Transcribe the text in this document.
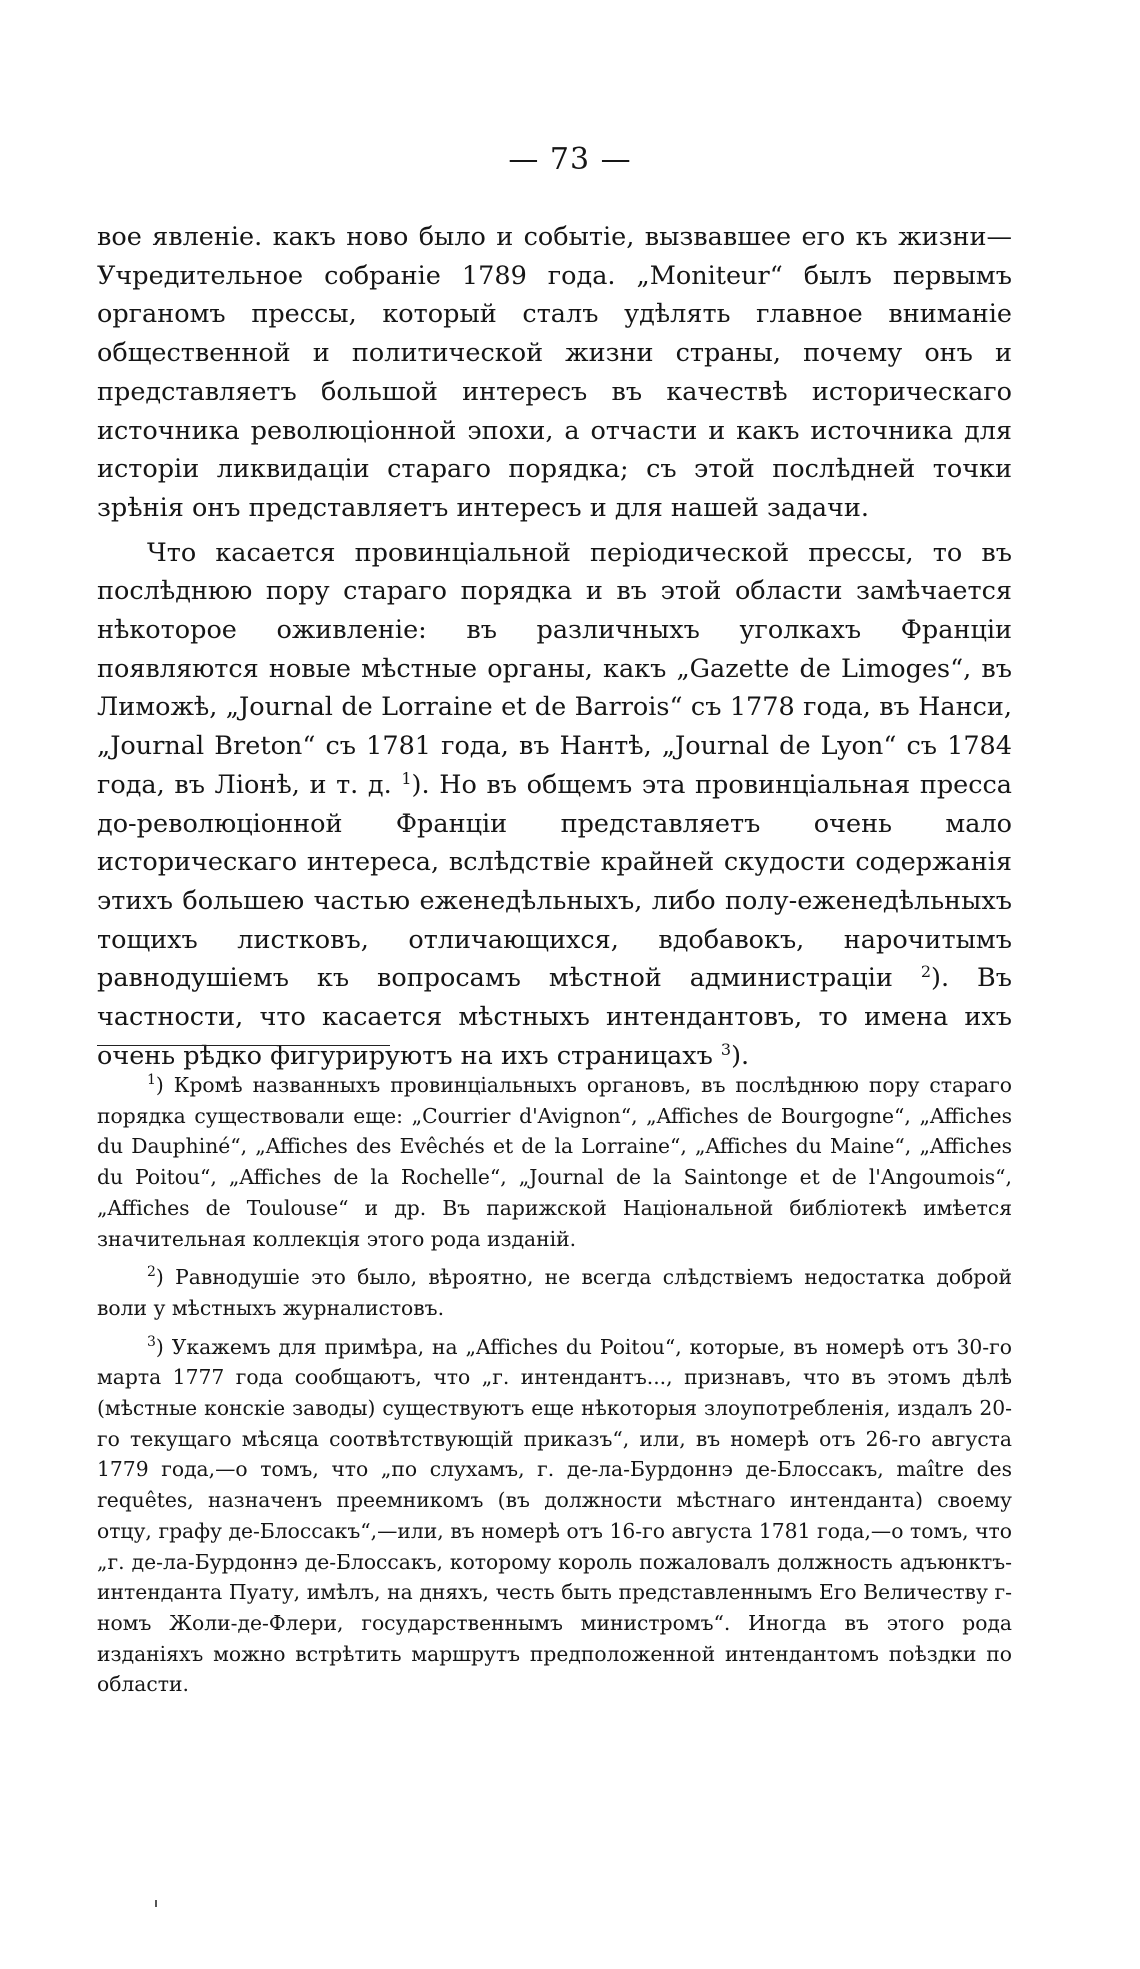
— 73 —

вое явленіе. какъ ново было и событіе, вызвавшее его къ жизни— Учредительное собраніе 1789 года. „Moniteur“ былъ первымъ органомъ прессы, который сталъ удѣлять главное вниманіе общественной и политической жизни страны, почему онъ и представляетъ большой интересъ въ качествѣ историческаго источника революціонной эпохи, а отчасти и какъ источника для исторіи ликвидаціи стараго порядка; съ этой послѣдней точки зрѣнія онъ представляетъ интересъ и для нашей задачи.

Что касается провинціальной періодической прессы, то въ послѣднюю пору стараго порядка и въ этой области замѣчается нѣкоторое оживленіе: въ различныхъ уголкахъ Франціи появляются новые мѣстные органы, какъ „Gazette de Limoges“, въ Лиможѣ, „Journal de Lorraine et de Barrois“ съ 1778 года, въ Нанси, „Journal Breton“ съ 1781 года, въ Нантѣ, „Journal de Lyon“ съ 1784 года, въ Ліонѣ, и т. д. $^1$). Но въ общемъ эта провинціальная пресса до-революціонной Франціи представляетъ очень мало историческаго интереса, вслѣдствіе крайней скудости содержанія этихъ большею частью еженедѣльныхъ, либо полу-еженедѣльныхъ тощихъ листковъ, отличающихся, вдобавокъ, нарочитымъ равнодушіемъ къ вопросамъ мѣстной администраціи $^2$). Въ частности, что касается мѣстныхъ интендантовъ, то имена ихъ очень рѣдко фигурируютъ на ихъ страницахъ $^3$).

$^1$) Кромѣ названныхъ провинціальныхъ органовъ, въ послѣднюю пору стараго порядка существовали еще: „Courrier d'Avignon“, „Affiches de Bourgogne“, „Affiches du Dauphiné“, „Affiches des Evêchés et de la Lorraine“, „Affiches du Maine“, „Affiches du Poitou“, „Affiches de la Rochelle“, „Journal de la Saintonge et de l'Angoumois“, „Affiches de Toulouse“ и др. Въ парижской Національной библіотекѣ имѣется значительная коллекція этого рода изданій.

$^2$) Равнодушіе это было, вѣроятно, не всегда слѣдствіемъ недостатка доброй воли у мѣстныхъ журналистовъ.

$^3$) Укажемъ для примѣра, на „Affiches du Poitou“, которые, въ номерѣ отъ 30-го марта 1777 года сообщаютъ, что „г. интендантъ..., признавъ, что въ этомъ дѣлѣ (мѣстные конскіе заводы) существуютъ еще нѣкоторыя злоупотребленія, издалъ 20-го текущаго мѣсяца соотвѣтствующій приказъ“, или, въ номерѣ отъ 26-го августа 1779 года,—о томъ, что „по слухамъ, г. де-ла-Бурдоннэ де-Блоссакъ, maître des requêtes, назначенъ преемникомъ (въ должности мѣстнаго интенданта) своему отцу, графу де-Блоссакъ“,—или, въ номерѣ отъ 16-го августа 1781 года,—о томъ, что „г. де-ла-Бурдоннэ де-Блоссакъ, которому король пожаловалъ должность адъюнктъ-интенданта Пуату, имѣлъ, на дняхъ, честь быть представленнымъ Его Величеству г-номъ Жоли-де-Флери, государственнымъ министромъ“. Иногда въ этого рода изданіяхъ можно встрѣтить маршрутъ предположенной интендантомъ поѣздки по области.
